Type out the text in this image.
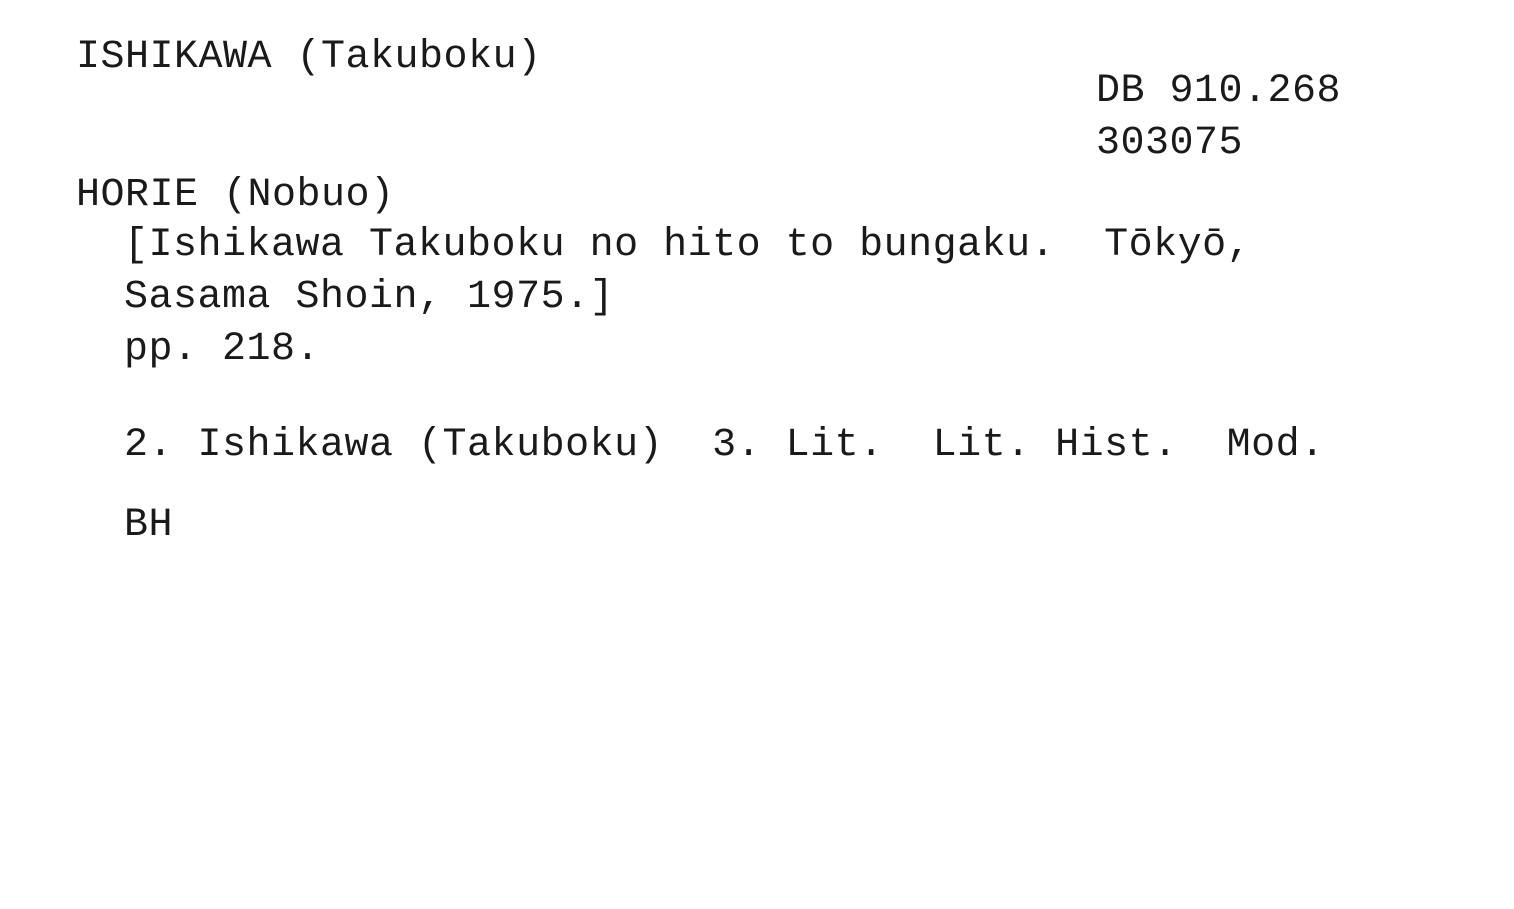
ISHIKAWA (Takuboku)
DB 910.268
303075
HORIE (Nobuo)
[Ishikawa Takuboku no hito to bungaku.  Tōkyō,
Sasama Shoin, 1975.]
pp. 218.
2. Ishikawa (Takuboku)  3. Lit.  Lit. Hist.  Mod.
BH
